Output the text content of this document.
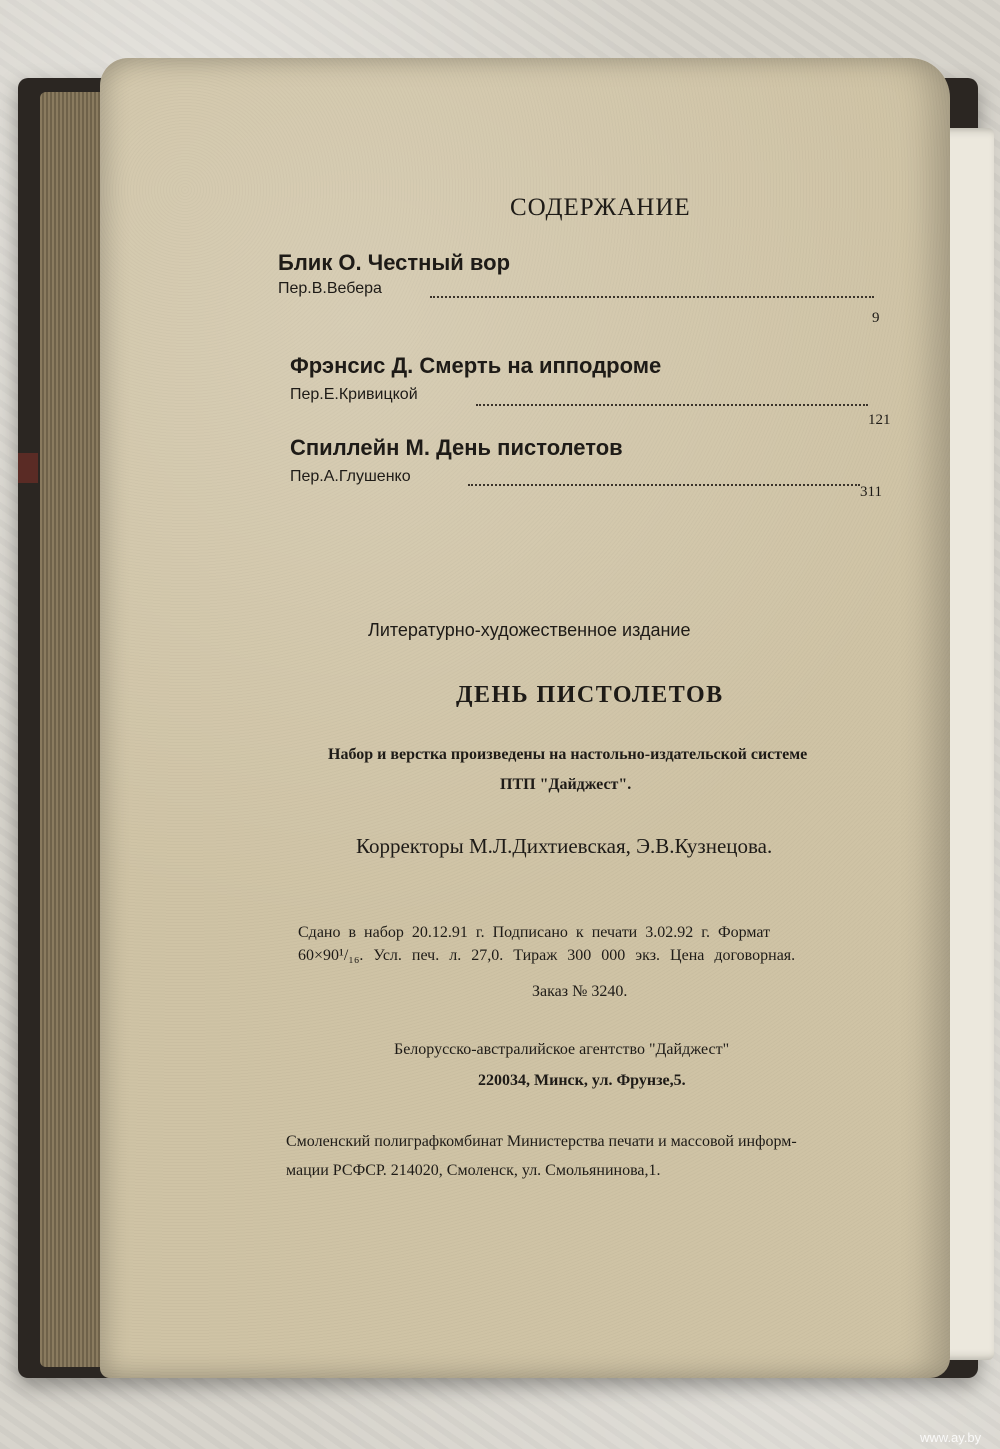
СОДЕРЖАНИЕ
Блик О. Честный вор
Пер.В.Вебера
9
Фрэнсис Д. Смерть на ипподроме
Пер.Е.Кривицкой
121
Спиллейн М. День пистолетов
Пер.А.Глушенко
311
Литературно-художественное издание
ДЕНЬ ПИСТОЛЕТОВ
Набор и верстка произведены на настольно-издательской системе
ПТП "Дайджест".
Корректоры М.Л.Дихтиевская, Э.В.Кузнецова.
Сдано в набор 20.12.91 г. Подписано к печати 3.02.92 г. Формат
60×90¹/₁₆. Усл. печ. л. 27,0. Тираж 300 000 экз. Цена договорная.
Заказ № 3240.
Белорусско-австралийское агентство "Дайджест"
220034, Минск, ул. Фрунзе,5.
Смоленский полиграфкомбинат Министерства печати и массовой информ-
мации РСФСР. 214020, Смоленск, ул. Смольянинова,1.
www.ay.by
